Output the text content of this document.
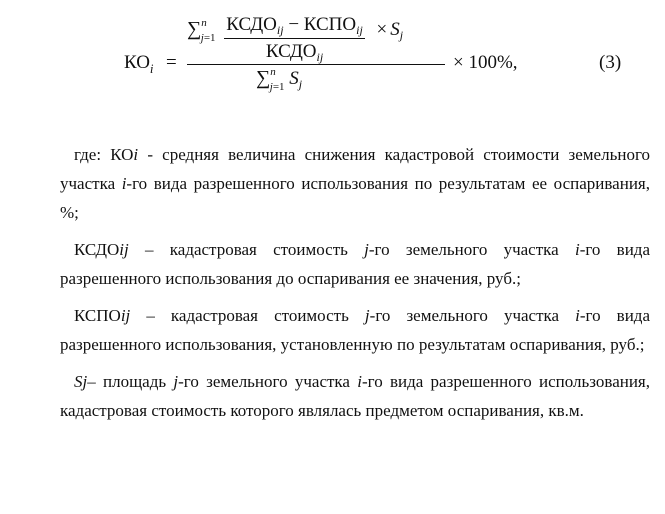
$КО_i$ =
∑$^n_{j=1}$
$КСДО_{ij}$ − $КСПО_{ij}$
$КСДО_{ij}$
× $S_j$
∑$^n_{j=1}$ $S_j$
× 100%,	(3)

где: КОi - средняя величина снижения кадастровой стоимости земельного участка i-го вида разрешенного использования по результатам ее оспаривания, %;

КСДОij – кадастровая стоимость j-го земельного участка i-го вида разрешенного использования до оспаривания ее значения, руб.;

КСПОij – кадастровая стоимость j-го земельного участка i-го вида разрешенного использования, установленную по результатам оспаривания, руб.;

Sj– площадь j-го земельного участка i-го вида разрешенного использования, кадастровая стоимость которого являлась предметом оспаривания, кв.м.
